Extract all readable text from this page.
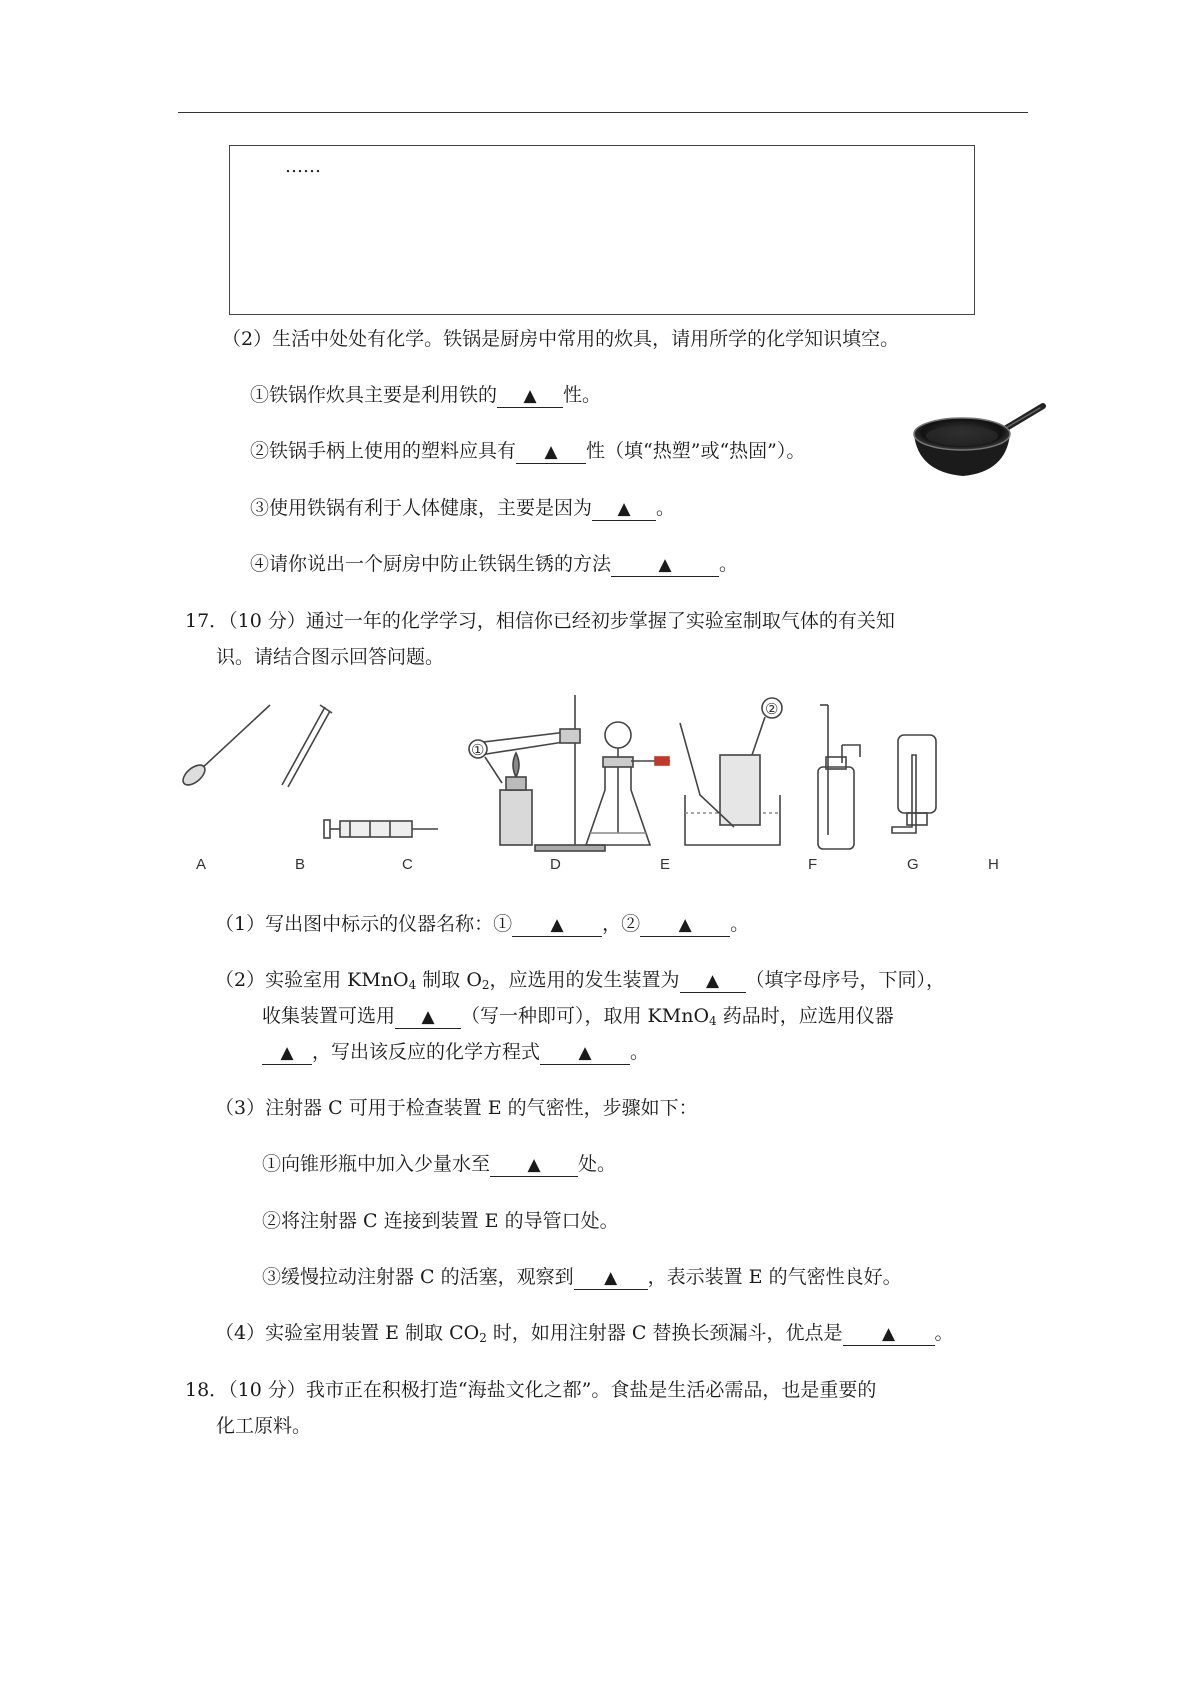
……
（2）生活中处处有化学。铁锅是厨房中常用的炊具，请用所学的化学知识填空。
①铁锅作炊具主要是利用铁的 ▲ 性。
②铁锅手柄上使用的塑料应具有 ▲ 性（填“热塑”或“热固”）。
③使用铁锅有利于人体健康，主要是因为 ▲ 。
④请你说出一个厨房中防止铁锅生锈的方法	▲ 。
17．（10 分）通过一年的化学学习，相信你已经初步掌握了实验室制取气体的有关知
识。请结合图示回答问题。
A	B	C	D	E	F	G	H
①
②
（1）写出图中标示的仪器名称：① ▲ ，② ▲ 。
（2）实验室用 KMnO$_4$ 制取 $O_2$，应选用的发生装置为 ▲ （填字母序号，下同），
收集装置可选用 ▲ （写一种即可），取用 KMnO$_4$ 药品时，应选用仪器
▲ ，写出该反应的化学方程式 ▲ 。
（3）注射器 C 可用于检查装置 E 的气密性，步骤如下：
①向锥形瓶中加入少量水至 ▲ 处。
②将注射器 C 连接到装置 E 的导管口处。
③缓慢拉动注射器 C 的活塞，观察到 ▲ ，表示装置 E 的气密性良好。
（4）实验室用装置 E 制取 $CO_2$ 时，如用注射器 C 替换长颈漏斗，优点是 ▲ 。
18．（10 分）我市正在积极打造“海盐文化之都”。食盐是生活必需品，也是重要的
化工原料。
